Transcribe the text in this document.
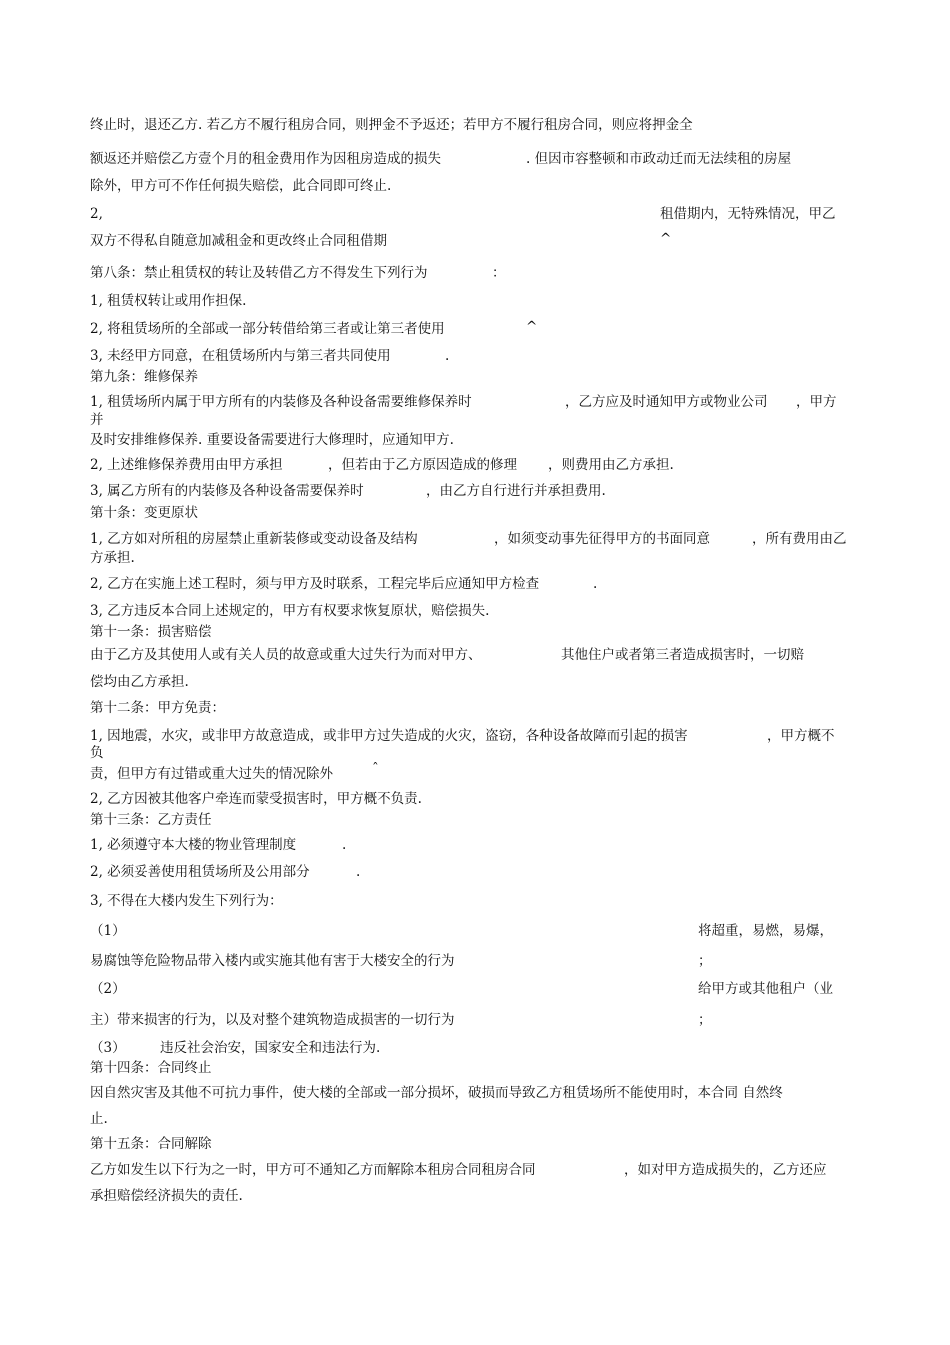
终止时，退还乙方. 若乙方不履行租房合同，则押金不予返还；若甲方不履行租房合同，则应将押金全
额返还并赔偿乙方壹个月的租金费用作为因租房造成的损失	. 但因市容整顿和市政动迁而无法续租的房屋
除外，甲方可不作任何损失赔偿，此合同即可终止.
2,	租借期内，无特殊情况，甲乙
双方不得私自随意加减租金和更改终止合同租借期	^
第八条：禁止租赁权的转让及转借乙方不得发生下列行为	：
1, 租赁权转让或用作担保.
2, 将租赁场所的全部或一部分转借给第三者或让第三者使用	^
3, 未经甲方同意，在租赁场所内与第三者共同使用	.
第九条：维修保养
1, 租赁场所内属于甲方所有的内装修及各种设备需要维修保养时	，乙方应及时通知甲方或物业公司 ，甲方
并
及时安排维修保养. 重要设备需要进行大修理时，应通知甲方.
2, 上述维修保养费用由甲方承担	，但若由于乙方原因造成的修理 ，则费用由乙方承担.
3, 属乙方所有的内装修及各种设备需要保养时	，由乙方自行进行并承担费用.
第十条：变更原状
1, 乙方如对所租的房屋禁止重新装修或变动设备及结构	，如须变动事先征得甲方的书面同意	，所有费用由乙
方承担.
2, 乙方在实施上述工程时，须与甲方及时联系，工程完毕后应通知甲方检查	.
3, 乙方违反本合同上述规定的，甲方有权要求恢复原状，赔偿损失.
第十一条：损害赔偿
由于乙方及其使用人或有关人员的故意或重大过失行为而对甲方、	其他住户或者第三者造成损害时，一切赔
偿均由乙方承担.
第十二条：甲方免责：
1, 因地震，水灾，或非甲方故意造成，或非甲方过失造成的火灾，盗窃，各种设备故障而引起的损害	，甲方概不
负
责，但甲方有过错或重大过失的情况除外	ˆ
2, 乙方因被其他客户牵连而蒙受损害时，甲方概不负责.
第十三条：乙方责任
1, 必须遵守本大楼的物业管理制度	.
2, 必须妥善使用租赁场所及公用部分	.
3, 不得在大楼内发生下列行为：
（1）	将超重，易燃，易爆，
易腐蚀等危险物品带入楼内或实施其他有害于大楼安全的行为	；
（2）	给甲方或其他租户（业
主）带来损害的行为，以及对整个建筑物造成损害的一切行为	；
（3）	违反社会治安，国家安全和违法行为.
第十四条：合同终止
因自然灾害及其他不可抗力事件，使大楼的全部或一部分损坏，破损而导致乙方租赁场所不能使用时，本合同 自然终
止.
第十五条：合同解除
乙方如发生以下行为之一时，甲方可不通知乙方而解除本租房合同租房合同	，如对甲方造成损失的，乙方还应
承担赔偿经济损失的责任.
